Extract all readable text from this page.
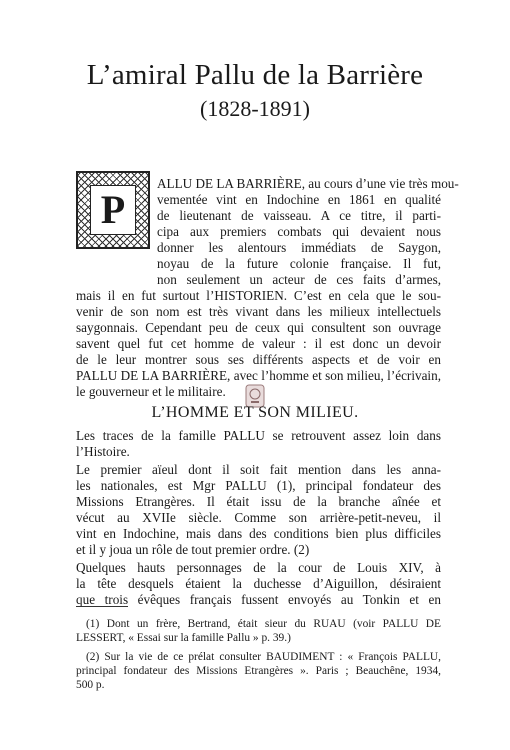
L’amiral Pallu de la Barrière
(1828-1891)
P
ALLU DE LA BARRIÈRE, au cours d’une vie très mou-
vementée vint en Indochine en 1861 en qualité
de lieutenant de vaisseau. A ce titre, il parti-
cipa aux premiers combats qui devaient nous
donner les alentours immédiats de Saygon,
noyau de la future colonie française. Il fut,
non seulement un acteur de ces faits d’armes,
mais il en fut surtout l’HISTORIEN. C’est en cela que le sou-
venir de son nom est très vivant dans les milieux intellectuels
saygonnais. Cependant peu de ceux qui consultent son ouvrage
savent quel fut cet homme de valeur : il est donc un devoir
de le leur montrer sous ses différents aspects et de voir en
PALLU DE LA BARRIÈRE, avec l’homme et son milieu, l’écrivain,
le gouverneur et le militaire.
L’HOMME ET SON MILIEU.
Les traces de la famille PALLU se retrouvent assez loin dans
l’Histoire.
Le premier aïeul dont il soit fait mention dans les anna-
les nationales, est Mgr PALLU (1), principal fondateur des
Missions Etrangères. Il était issu de la branche aînée et
vécut au XVIIe siècle. Comme son arrière-petit-neveu, il
vint en Indochine, mais dans des conditions bien plus difficiles
et il y joua un rôle de tout premier ordre. (2)
Quelques hauts personnages de la cour de Louis XIV, à
la tête desquels étaient la duchesse d’Aiguillon, désiraient
que trois évêques français fussent envoyés au Tonkin et en
(1) Dont un frère, Bertrand, était sieur du RUAU (voir PALLU DE
LESSERT, « Essai sur la famille Pallu » p. 39.)
(2) Sur la vie de ce prélat consulter BAUDIMENT : « François PALLU,
principal fondateur des Missions Etrangères ». Paris ; Beauchêne, 1934,
500 p.
